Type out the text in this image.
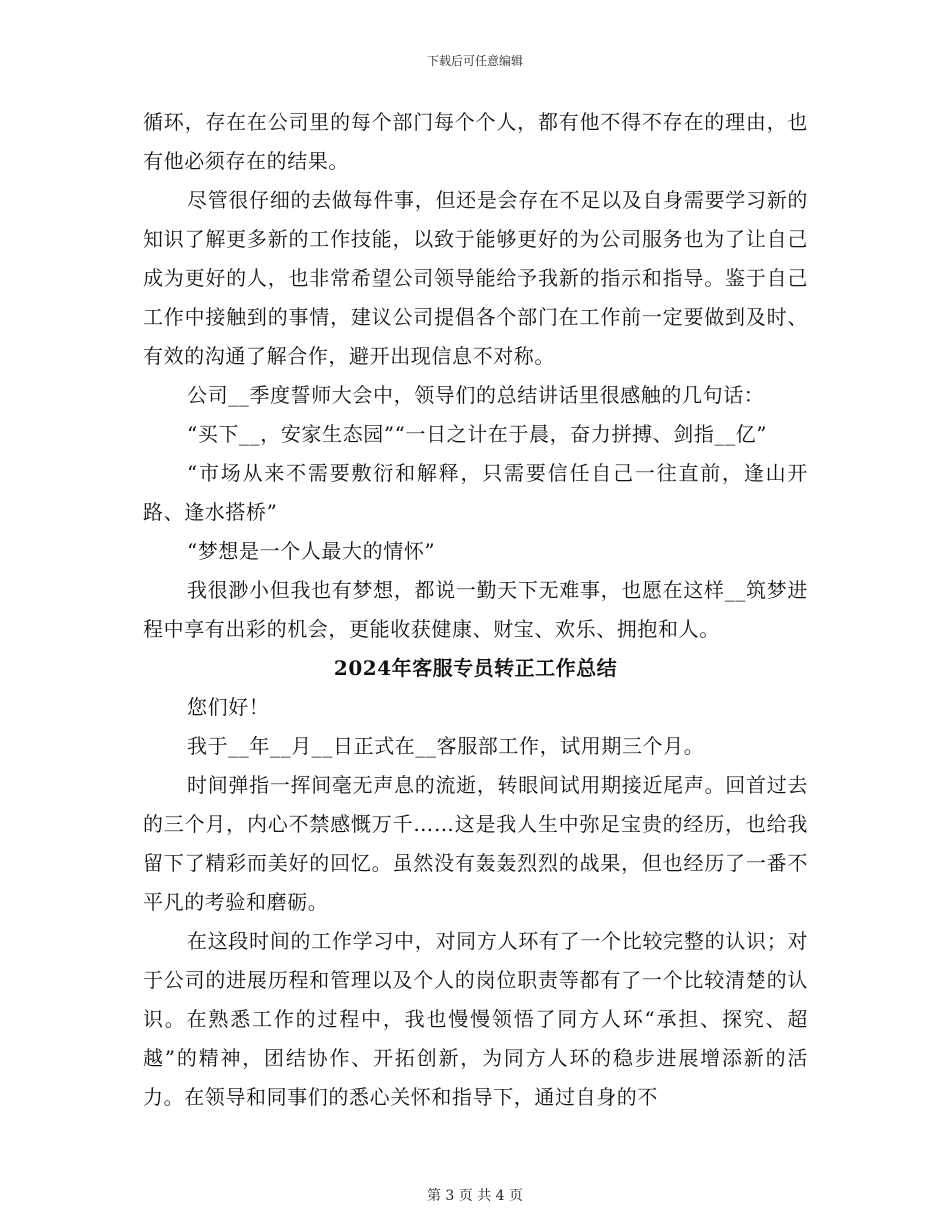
下载后可任意编辑

循环，存在在公司里的每个部门每个个人，都有他不得不存在的理由，也有他必须存在的结果。

尽管很仔细的去做每件事，但还是会存在不足以及自身需要学习新的知识了解更多新的工作技能，以致于能够更好的为公司服务也为了让自己成为更好的人，也非常希望公司领导能给予我新的指示和指导。鉴于自己工作中接触到的事情，建议公司提倡各个部门在工作前一定要做到及时、有效的沟通了解合作，避开出现信息不对称。

公司__季度誓师大会中，领导们的总结讲话里很感触的几句话：

“买下__，安家生态园”“一日之计在于晨，奋力拼搏、剑指__亿”

“市场从来不需要敷衍和解释，只需要信任自己一往直前，逢山开路、逢水搭桥”

“梦想是一个人最大的情怀”

我很渺小但我也有梦想，都说一勤天下无难事，也愿在这样__筑梦进程中享有出彩的机会，更能收获健康、财宝、欢乐、拥抱和人。

2024年客服专员转正工作总结

您们好！

我于__年__月__日正式在__客服部工作，试用期三个月。

时间弹指一挥间毫无声息的流逝，转眼间试用期接近尾声。回首过去的三个月，内心不禁感慨万千……这是我人生中弥足宝贵的经历，也给我留下了精彩而美好的回忆。虽然没有轰轰烈烈的战果，但也经历了一番不平凡的考验和磨砺。

在这段时间的工作学习中，对同方人环有了一个比较完整的认识；对于公司的进展历程和管理以及个人的岗位职责等都有了一个比较清楚的认识。在熟悉工作的过程中，我也慢慢领悟了同方人环“承担、探究、超越”的精神，团结协作、开拓创新，为同方人环的稳步进展增添新的活力。在领导和同事们的悉心关怀和指导下，通过自身的不

第 3 页 共 4 页
